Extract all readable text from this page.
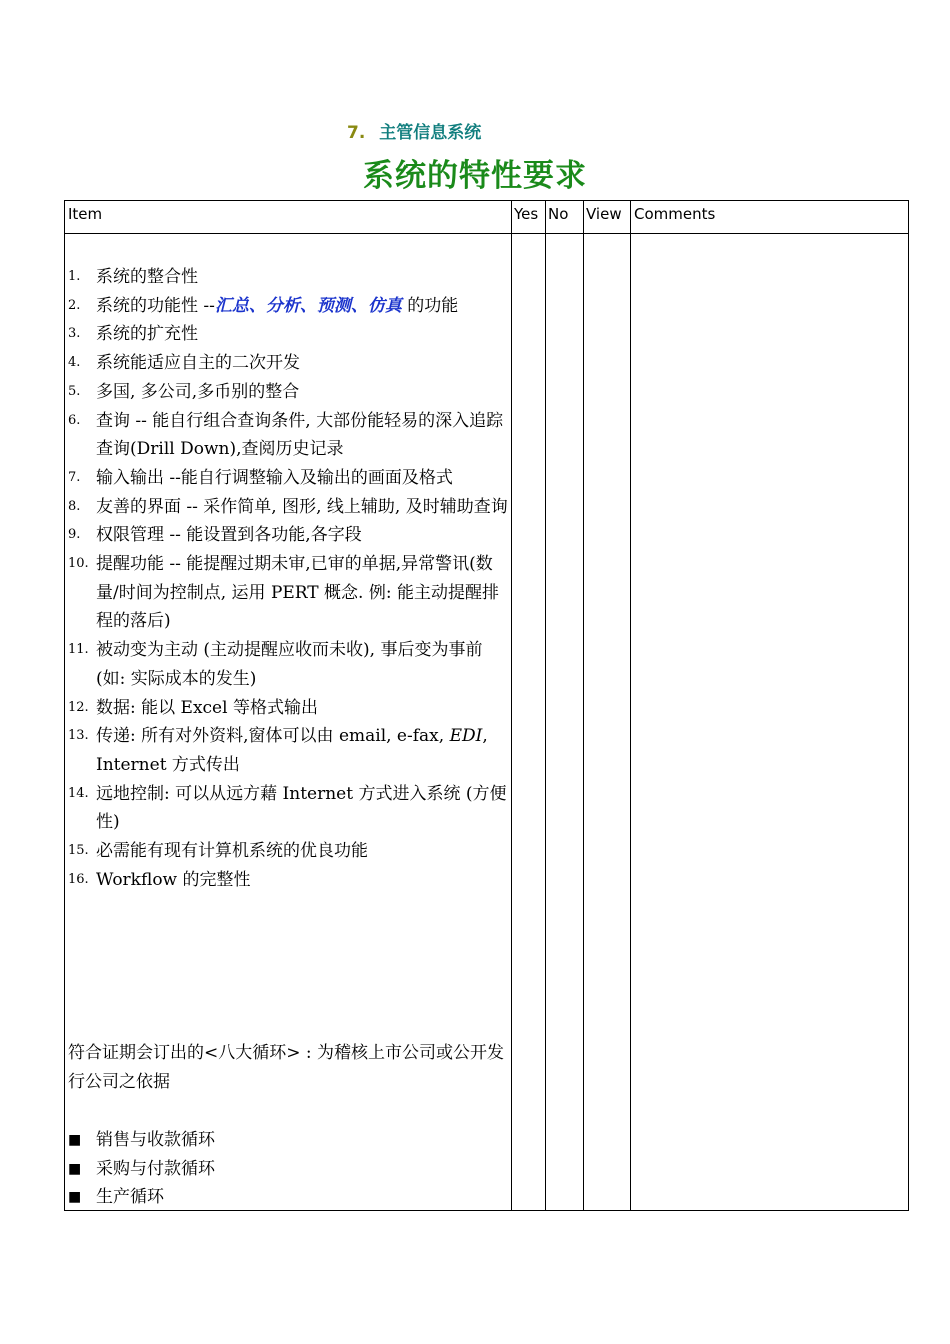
7. 主管信息系统
系统的特性要求
Item	Yes No View Comments
1. 系统的整合性
2. 系统的功能性 --汇总、分析、预测、仿真 的功能
3. 系统的扩充性
4. 系统能适应自主的二次开发
5. 多国, 多公司,多币别的整合
6. 查询 -- 能自行组合查询条件, 大部份能轻易的深入追踪查询(Drill Down),查阅历史记录
7. 输入输出 --能自行调整输入及输出的画面及格式
8. 友善的界面 -- 采作简单, 图形, 线上辅助, 及时辅助查询
9. 权限管理 -- 能设置到各功能,各字段
10. 提醒功能 -- 能提醒过期未审,已审的单据,异常警讯(数量/时间为控制点, 运用 PERT 概念. 例: 能主动提醒排程的落后)
11. 被动变为主动 (主动提醒应收而未收), 事后变为事前 (如: 实际成本的发生)
12. 数据: 能以 Excel 等格式输出
13. 传递: 所有对外资料,窗体可以由 email, e-fax, EDI, Internet 方式传出
14. 远地控制: 可以从远方藉 Internet 方式进入系统 (方便性)
15. 必需能有现有计算机系统的优良功能
16. Workflow 的完整性
符合证期会订出的<八大循环> : 为稽核上市公司或公开发行公司之依据
■ 销售与收款循环
■ 采购与付款循环
■ 生产循环
